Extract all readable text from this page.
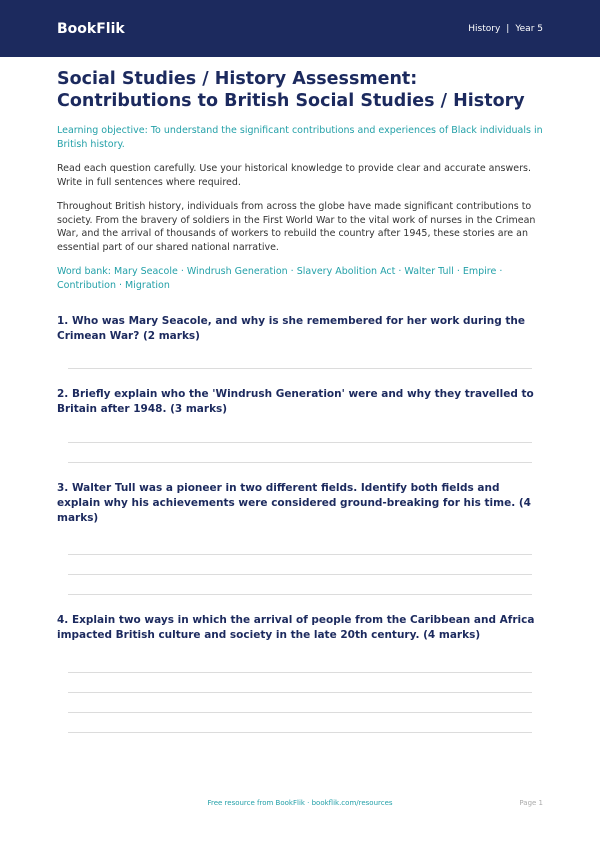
BookFlik	History | Year 5
Social Studies / History Assessment: Contributions to British Social Studies / History

Learning objective: To understand the significant contributions and experiences of Black individuals in British history.

Read each question carefully. Use your historical knowledge to provide clear and accurate answers. Write in full sentences where required.

Throughout British history, individuals from across the globe have made significant contributions to society. From the bravery of soldiers in the First World War to the vital work of nurses in the Crimean War, and the arrival of thousands of workers to rebuild the country after 1945, these stories are an essential part of our shared national narrative.

Word bank: Mary Seacole · Windrush Generation · Slavery Abolition Act · Walter Tull · Empire · Contribution · Migration

1. Who was Mary Seacole, and why is she remembered for her work during the Crimean War? (2 marks)

2. Briefly explain who the 'Windrush Generation' were and why they travelled to Britain after 1948. (3 marks)

3. Walter Tull was a pioneer in two different fields. Identify both fields and explain why his achievements were considered ground-breaking for his time. (4 marks)

4. Explain two ways in which the arrival of people from the Caribbean and Africa impacted British culture and society in the late 20th century. (4 marks)

Free resource from BookFlik · bookflik.com/resources	Page 1
